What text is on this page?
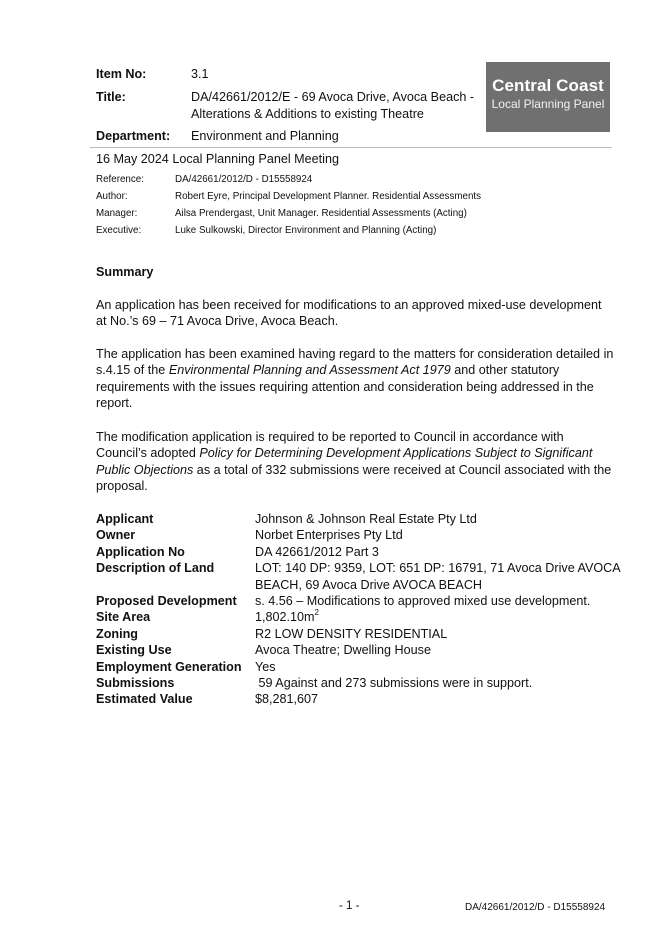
Item No:	3.1
Title:	DA/42661/2012/E - 69 Avoca Drive, Avoca Beach -
Alterations & Additions to existing Theatre
Department: Environment and Planning
Central Coast
Local Planning Panel
16 May 2024 Local Planning Panel Meeting
Reference:	DA/42661/2012/D - D15558924
Author:	Robert Eyre, Principal Development Planner. Residential Assessments
Manager:	Ailsa Prendergast, Unit Manager. Residential Assessments (Acting)
Executive:	Luke Sulkowski, Director Environment and Planning (Acting)
Summary
An application has been received for modifications to an approved mixed-use development
at No.’s 69 – 71 Avoca Drive, Avoca Beach.
The application has been examined having regard to the matters for consideration detailed in
s.4.15 of the Environmental Planning and Assessment Act 1979 and other statutory
requirements with the issues requiring attention and consideration being addressed in the
report.
The modification application is required to be reported to Council in accordance with
Council’s adopted Policy for Determining Development Applications Subject to Significant
Public Objections as a total of 332 submissions were received at Council associated with the
proposal.
Applicant	Johnson & Johnson Real Estate Pty Ltd
Owner	Norbet Enterprises Pty Ltd
Application No	DA 42661/2012 Part 3
Description of Land	LOT: 140 DP: 9359, LOT: 651 DP: 16791, 71 Avoca Drive AVOCA
BEACH, 69 Avoca Drive AVOCA BEACH
Proposed Development s. 4.56 – Modifications to approved mixed use development.
Site Area	$1,802.10m^2$
Zoning	R2 LOW DENSITY RESIDENTIAL
Existing Use	Avoca Theatre; Dwelling House
Employment Generation Yes
Submissions	59 Against and 273 submissions were in support.
Estimated Value	$8,281,607
- 1 -	DA/42661/2012/D - D15558924
